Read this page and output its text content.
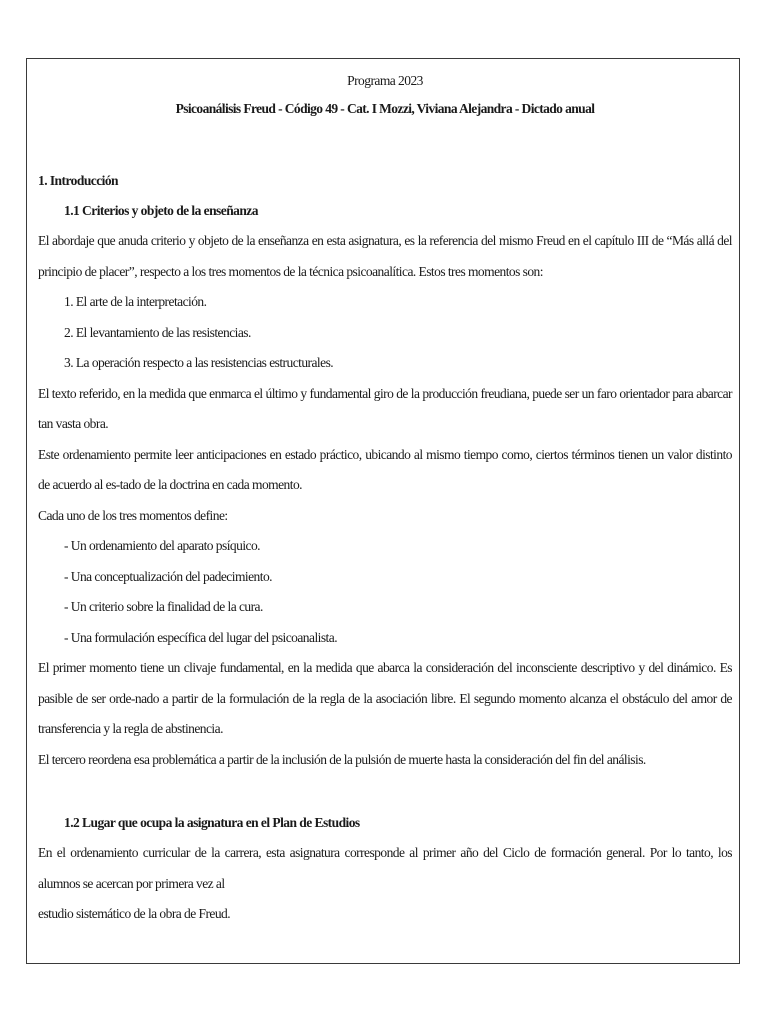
Programa 2023
Psicoanálisis Freud - Código 49 - Cat. I Mozzi, Viviana Alejandra - Dictado anual
1. Introducción
1.1 Criterios y objeto de la enseñanza

El abordaje que anuda criterio y objeto de la enseñanza en esta asignatura, es la referencia del mismo Freud en el capítulo III de “Más allá del principio de placer”, respecto a los tres momentos de la técnica psicoanalítica. Estos tres momentos son:

1. El arte de la interpretación.

2. El levantamiento de las resistencias.

3. La operación respecto a las resistencias estructurales.

El texto referido, en la medida que enmarca el último y fundamental giro de la producción freudiana, puede ser un faro orientador para abarcar tan vasta obra.

Este ordenamiento permite leer anticipaciones en estado práctico, ubicando al mismo tiempo como, ciertos términos tienen un valor distinto de acuerdo al es-tado de la doctrina en cada momento.

Cada uno de los tres momentos define:

- Un ordenamiento del aparato psíquico.

- Una conceptualización del padecimiento.

- Un criterio sobre la finalidad de la cura.

- Una formulación específica del lugar del psicoanalista.

El primer momento tiene un clivaje fundamental, en la medida que abarca la consideración del inconsciente descriptivo y del dinámico. Es pasible de ser orde-nado a partir de la formulación de la regla de la asociación libre. El segundo momento alcanza el obstáculo del amor de transferencia y la regla de abstinencia.

El tercero reordena esa problemática a partir de la inclusión de la pulsión de muerte hasta la consideración del fin del análisis.

1.2 Lugar que ocupa la asignatura en el Plan de Estudios

En el ordenamiento curricular de la carrera, esta asignatura corresponde al primer año del Ciclo de formación general. Por lo tanto, los alumnos se acercan por primera vez al

estudio sistemático de la obra de Freud.
